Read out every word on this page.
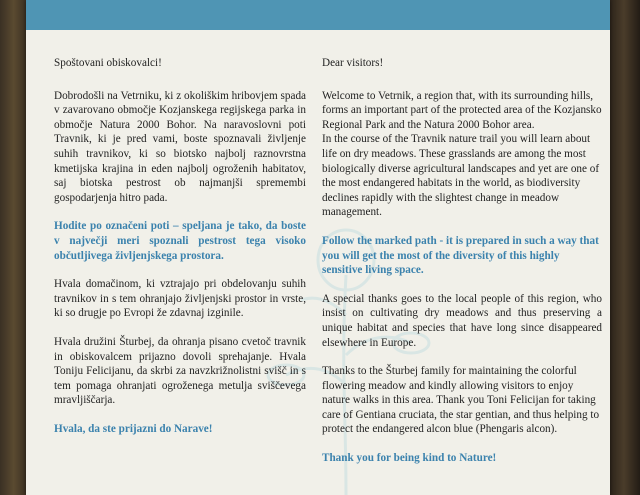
Spoštovani obiskovalci!

Dobrodošli na Vetrniku, ki z okoliškim hribovjem spada v zavarovano območje Kozjanskega regijskega parka in območje Natura 2000 Bohor. Na naravoslovni poti Travnik, ki je pred vami, boste spoznavali življenje suhih travnikov, ki so biotsko najbolj raznovrstna kmetijska krajina in eden najbolj ogroženih habitatov, saj biotska pestrost ob najmanjši spremembi gospodarjenja hitro pada.

Hodite po označeni poti – speljana je tako, da boste v največji meri spoznali pestrost tega visoko občutljivega življenjskega prostora.

Hvala domačinom, ki vztrajajo pri obdelovanju suhih travnikov in s tem ohranjajo življenjski prostor in vrste, ki so drugje po Evropi že zdavnaj izginile.

Hvala družini Šturbej, da ohranja pisano cvetoč travnik in obiskovalcem prijazno dovoli sprehajanje. Hvala Toniju Felicijanu, da skrbi za navzkrižnolistni svišč in s tem pomaga ohranjati ogroženega metulja sviščevega mravljiščarja.

Hvala, da ste prijazni do Narave!

Dear visitors!

Welcome to Vetrnik, a region that, with its surrounding hills, forms an important part of the protected area of the Kozjansko Regional Park and the Natura 2000 Bohor area.

In the course of the Travnik nature trail you will learn about life on dry meadows. These grasslands are among the most biologically diverse agricultural landscapes and yet are one of the most endangered habitats in the world, as biodiversity declines rapidly with the slightest change in meadow management.

Follow the marked path - it is prepared in such a way that you will get the most of the diversity of this highly sensitive living space.

A special thanks goes to the local people of this region, who insist on cultivating dry meadows and thus preserving a unique habitat and species that have long since disappeared elsewhere in Europe.

Thanks to the Šturbej family for maintaining the colorful flowering meadow and kindly allowing visitors to enjoy nature walks in this area. Thank you Toni Felicijan for taking care of Gentiana cruciata, the star gentian, and thus helping to protect the endangered alcon blue (Phengaris alcon).

Thank you for being kind to Nature!
